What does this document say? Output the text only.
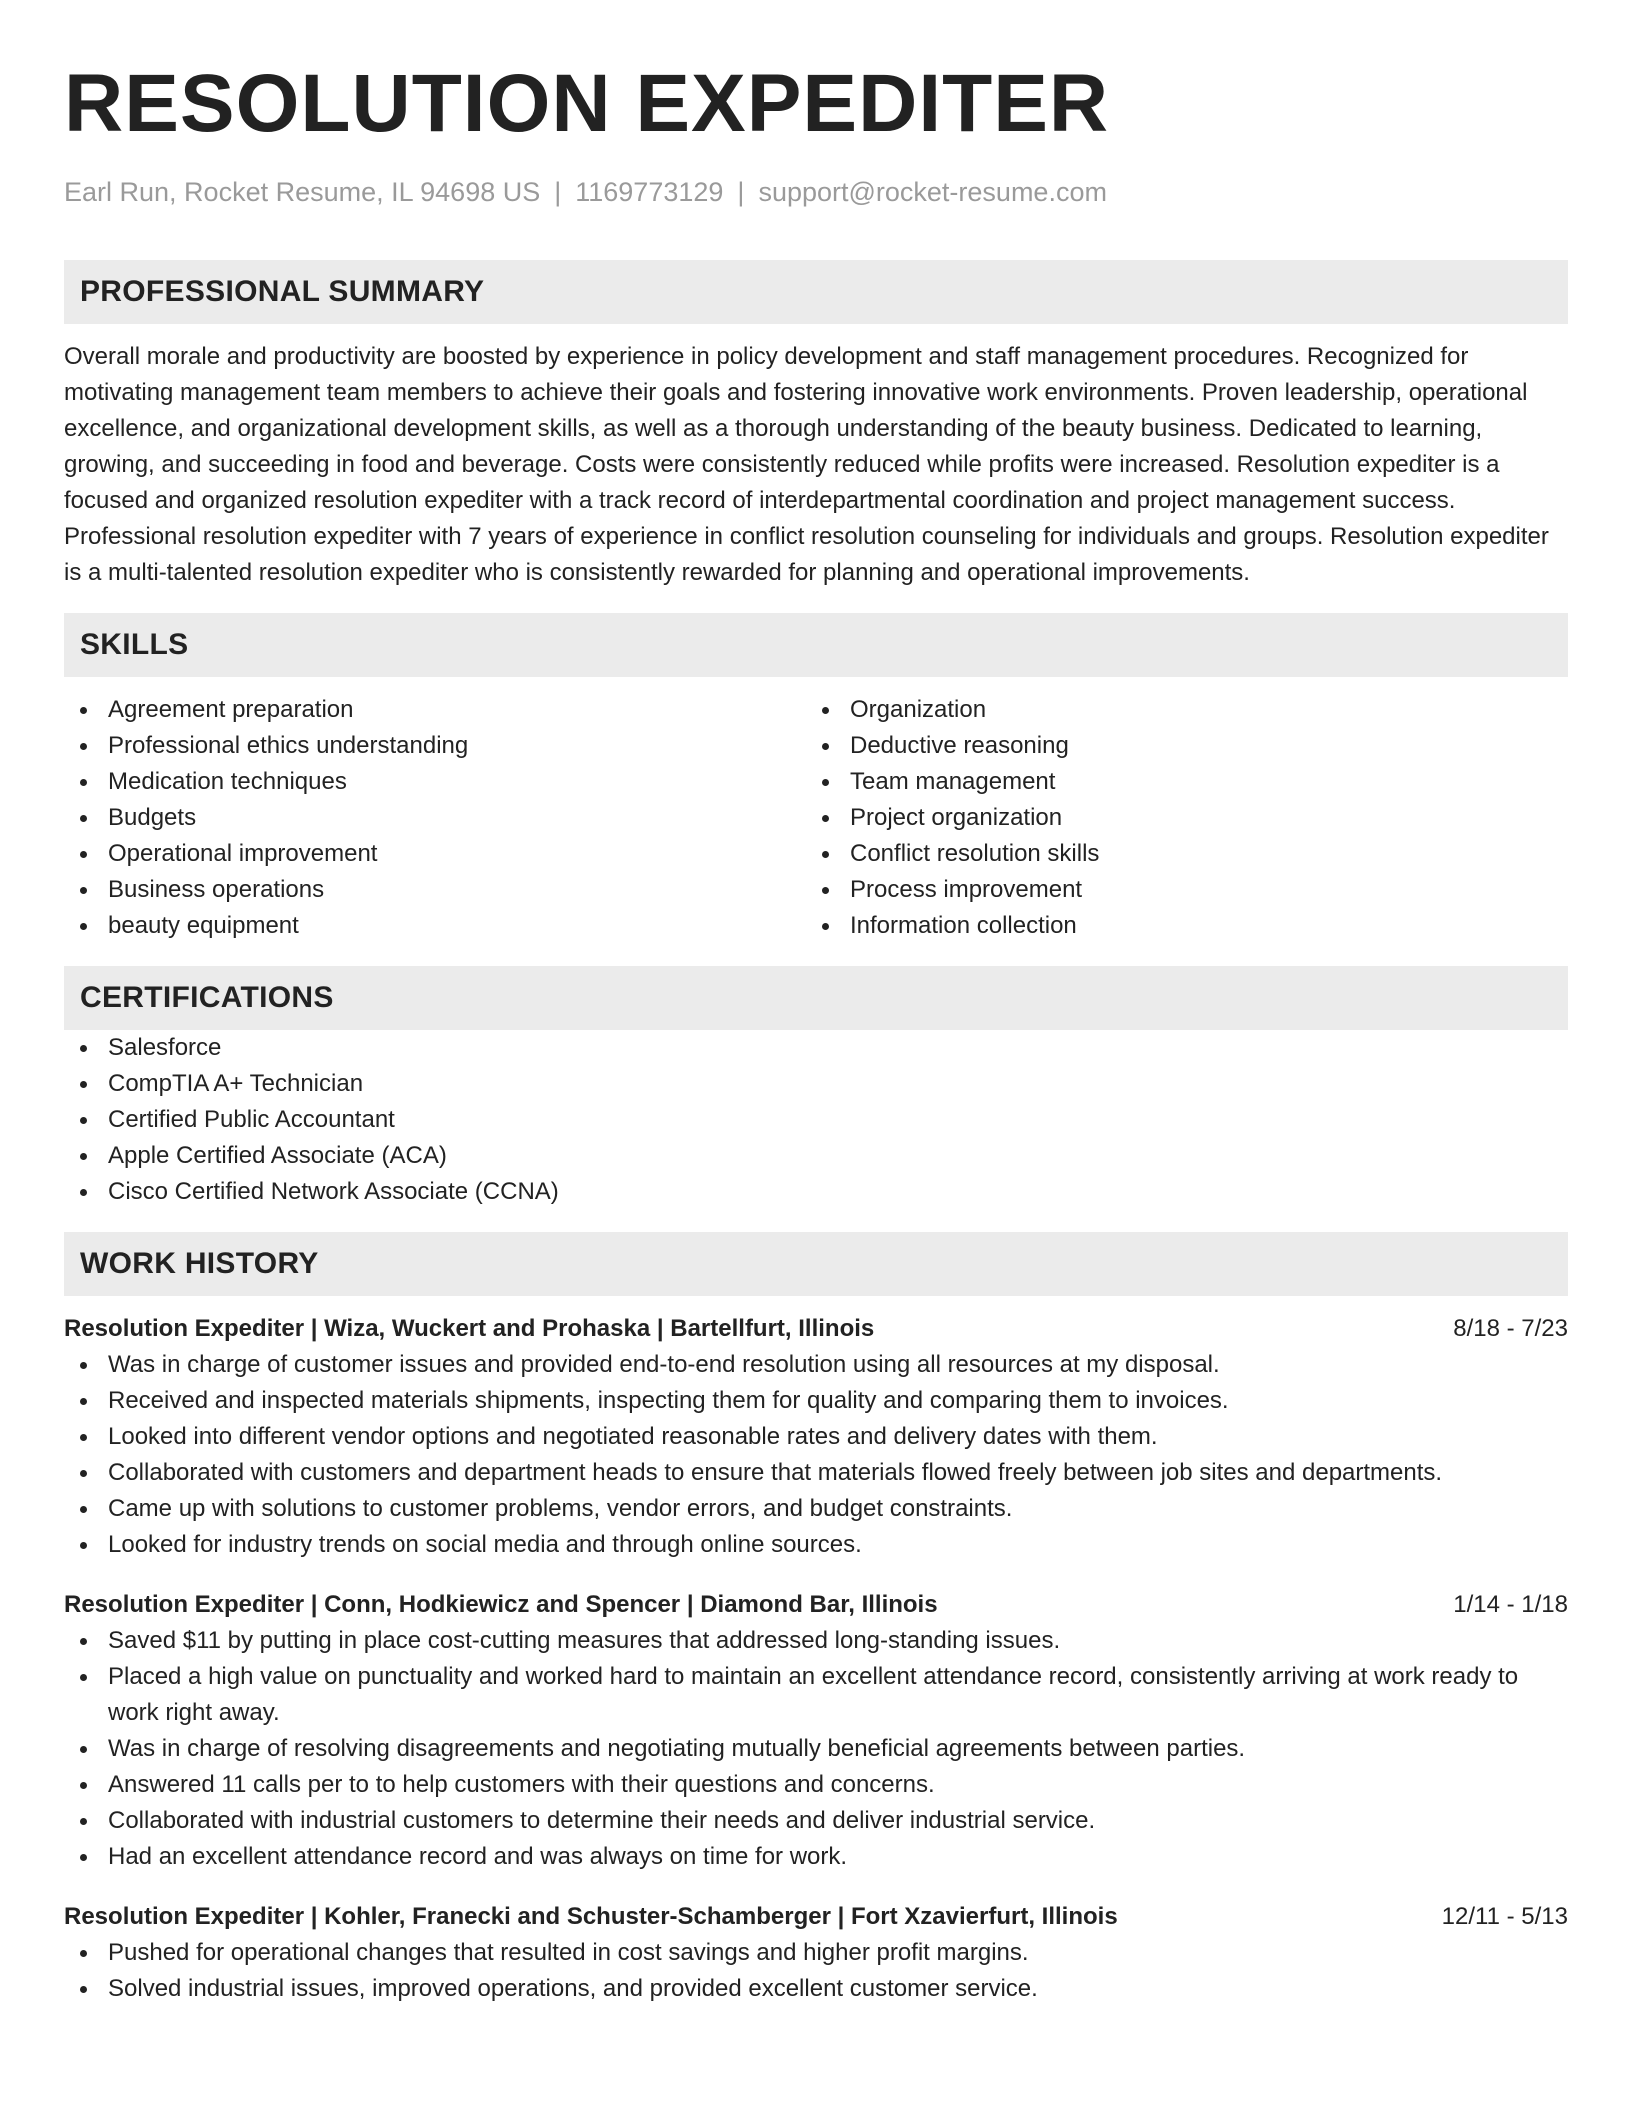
RESOLUTION EXPEDITER
Earl Run, Rocket Resume, IL 94698 US | 1169773129 | support@rocket-resume.com
PROFESSIONAL SUMMARY
Overall morale and productivity are boosted by experience in policy development and staff management procedures. Recognized for motivating management team members to achieve their goals and fostering innovative work environments. Proven leadership, operational excellence, and organizational development skills, as well as a thorough understanding of the beauty business. Dedicated to learning, growing, and succeeding in food and beverage. Costs were consistently reduced while profits were increased. Resolution expediter is a focused and organized resolution expediter with a track record of interdepartmental coordination and project management success. Professional resolution expediter with 7 years of experience in conflict resolution counseling for individuals and groups. Resolution expediter is a multi-talented resolution expediter who is consistently rewarded for planning and operational improvements.
SKILLS
Agreement preparation
Professional ethics understanding
Medication techniques
Budgets
Operational improvement
Business operations
beauty equipment
Organization
Deductive reasoning
Team management
Project organization
Conflict resolution skills
Process improvement
Information collection
CERTIFICATIONS
Salesforce
CompTIA A+ Technician
Certified Public Accountant
Apple Certified Associate (ACA)
Cisco Certified Network Associate (CCNA)
WORK HISTORY
Resolution Expediter | Wiza, Wuckert and Prohaska | Bartellfurt, Illinois	8/18 - 7/23
Was in charge of customer issues and provided end-to-end resolution using all resources at my disposal.
Received and inspected materials shipments, inspecting them for quality and comparing them to invoices.
Looked into different vendor options and negotiated reasonable rates and delivery dates with them.
Collaborated with customers and department heads to ensure that materials flowed freely between job sites and departments.
Came up with solutions to customer problems, vendor errors, and budget constraints.
Looked for industry trends on social media and through online sources.
Resolution Expediter | Conn, Hodkiewicz and Spencer | Diamond Bar, Illinois	1/14 - 1/18
Saved $11 by putting in place cost-cutting measures that addressed long-standing issues.
Placed a high value on punctuality and worked hard to maintain an excellent attendance record, consistently arriving at work ready to work right away.
Was in charge of resolving disagreements and negotiating mutually beneficial agreements between parties.
Answered 11 calls per to to help customers with their questions and concerns.
Collaborated with industrial customers to determine their needs and deliver industrial service.
Had an excellent attendance record and was always on time for work.
Resolution Expediter | Kohler, Franecki and Schuster-Schamberger | Fort Xzavierfurt, Illinois	12/11 - 5/13
Pushed for operational changes that resulted in cost savings and higher profit margins.
Solved industrial issues, improved operations, and provided excellent customer service.
